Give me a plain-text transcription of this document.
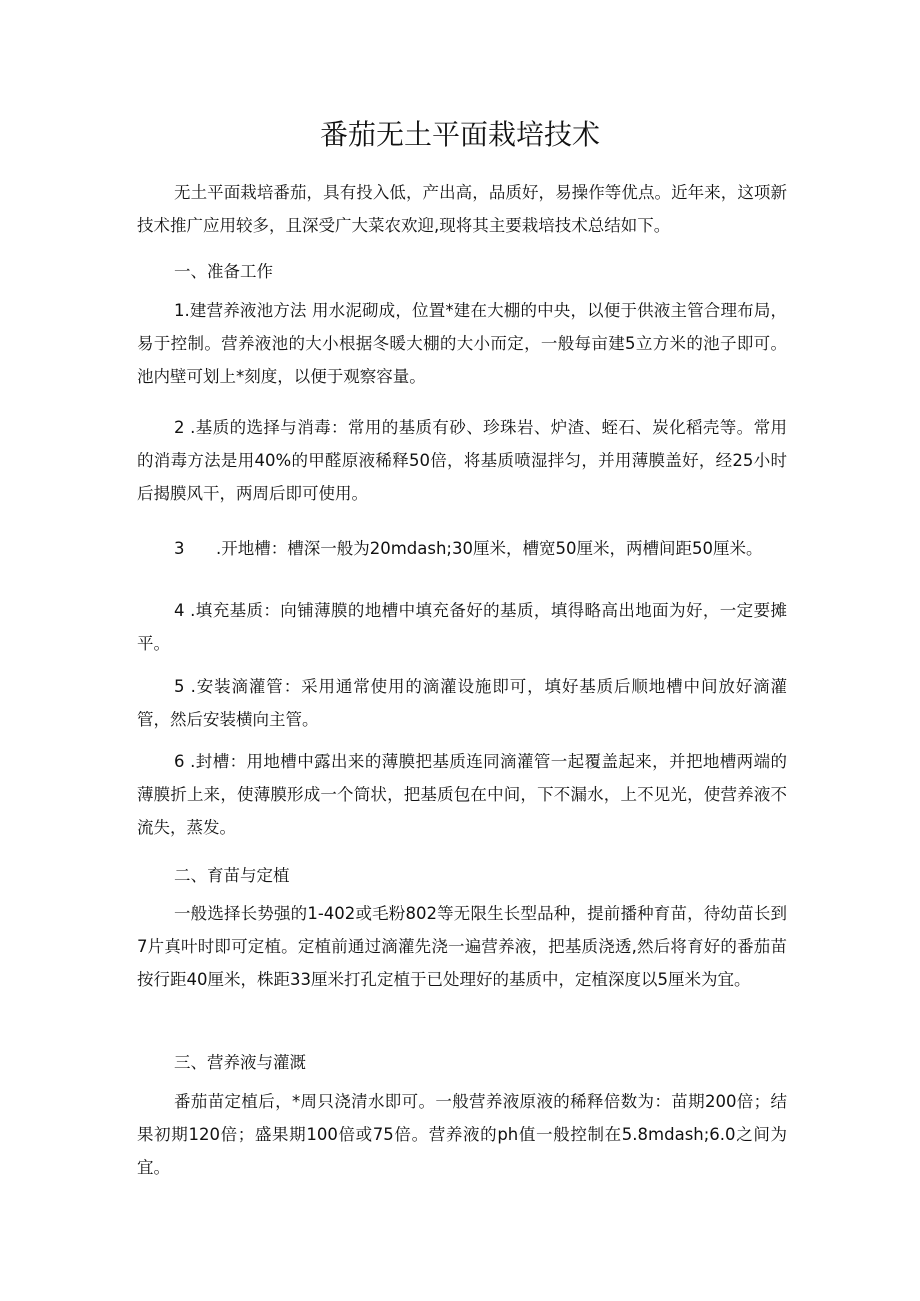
番茄无土平面栽培技术

无土平面栽培番茄，具有投入低，产出高，品质好，易操作等优点。近年来，这项新技术推广应用较多，且深受广大菜农欢迎,现将其主要栽培技术总结如下。

一、准备工作

1.建营养液池方法 用水泥砌成，位置*建在大棚的中央，以便于供液主管合理布局，易于控制。营养液池的大小根据冬暖大棚的大小而定，一般每亩建5立方米的池子即可。池内壁可划上*刻度，以便于观察容量。

2 .基质的选择与消毒：常用的基质有砂、珍珠岩、炉渣、蛭石、炭化稻壳等。常用的消毒方法是用40%的甲醛原液稀释50倍，将基质喷湿拌匀，并用薄膜盖好，经25小时后揭膜风干，两周后即可使用。

3      .开地槽：槽深一般为20mdash;30厘米，槽宽50厘米，两槽间距50厘米。

4 .填充基质：向铺薄膜的地槽中填充备好的基质，填得略高出地面为好，一定要摊平。

5 .安装滴灌管：采用通常使用的滴灌设施即可，填好基质后顺地槽中间放好滴灌管，然后安装横向主管。

6 .封槽：用地槽中露出来的薄膜把基质连同滴灌管一起覆盖起来，并把地槽两端的薄膜折上来，使薄膜形成一个筒状，把基质包在中间，下不漏水，上不见光，使营养液不流失，蒸发。

二、育苗与定植

一般选择长势强的1-402或毛粉802等无限生长型品种，提前播种育苗，待幼苗长到7片真叶时即可定植。定植前通过滴灌先浇一遍营养液，把基质浇透,然后将育好的番茄苗按行距40厘米，株距33厘米打孔定植于已处理好的基质中，定植深度以5厘米为宜。

三、营养液与灌溉

番茄苗定植后，*周只浇清水即可。一般营养液原液的稀释倍数为：苗期200倍；结果初期120倍；盛果期100倍或75倍。营养液的ph值一般控制在5.8mdash;6.0之间为宜。
